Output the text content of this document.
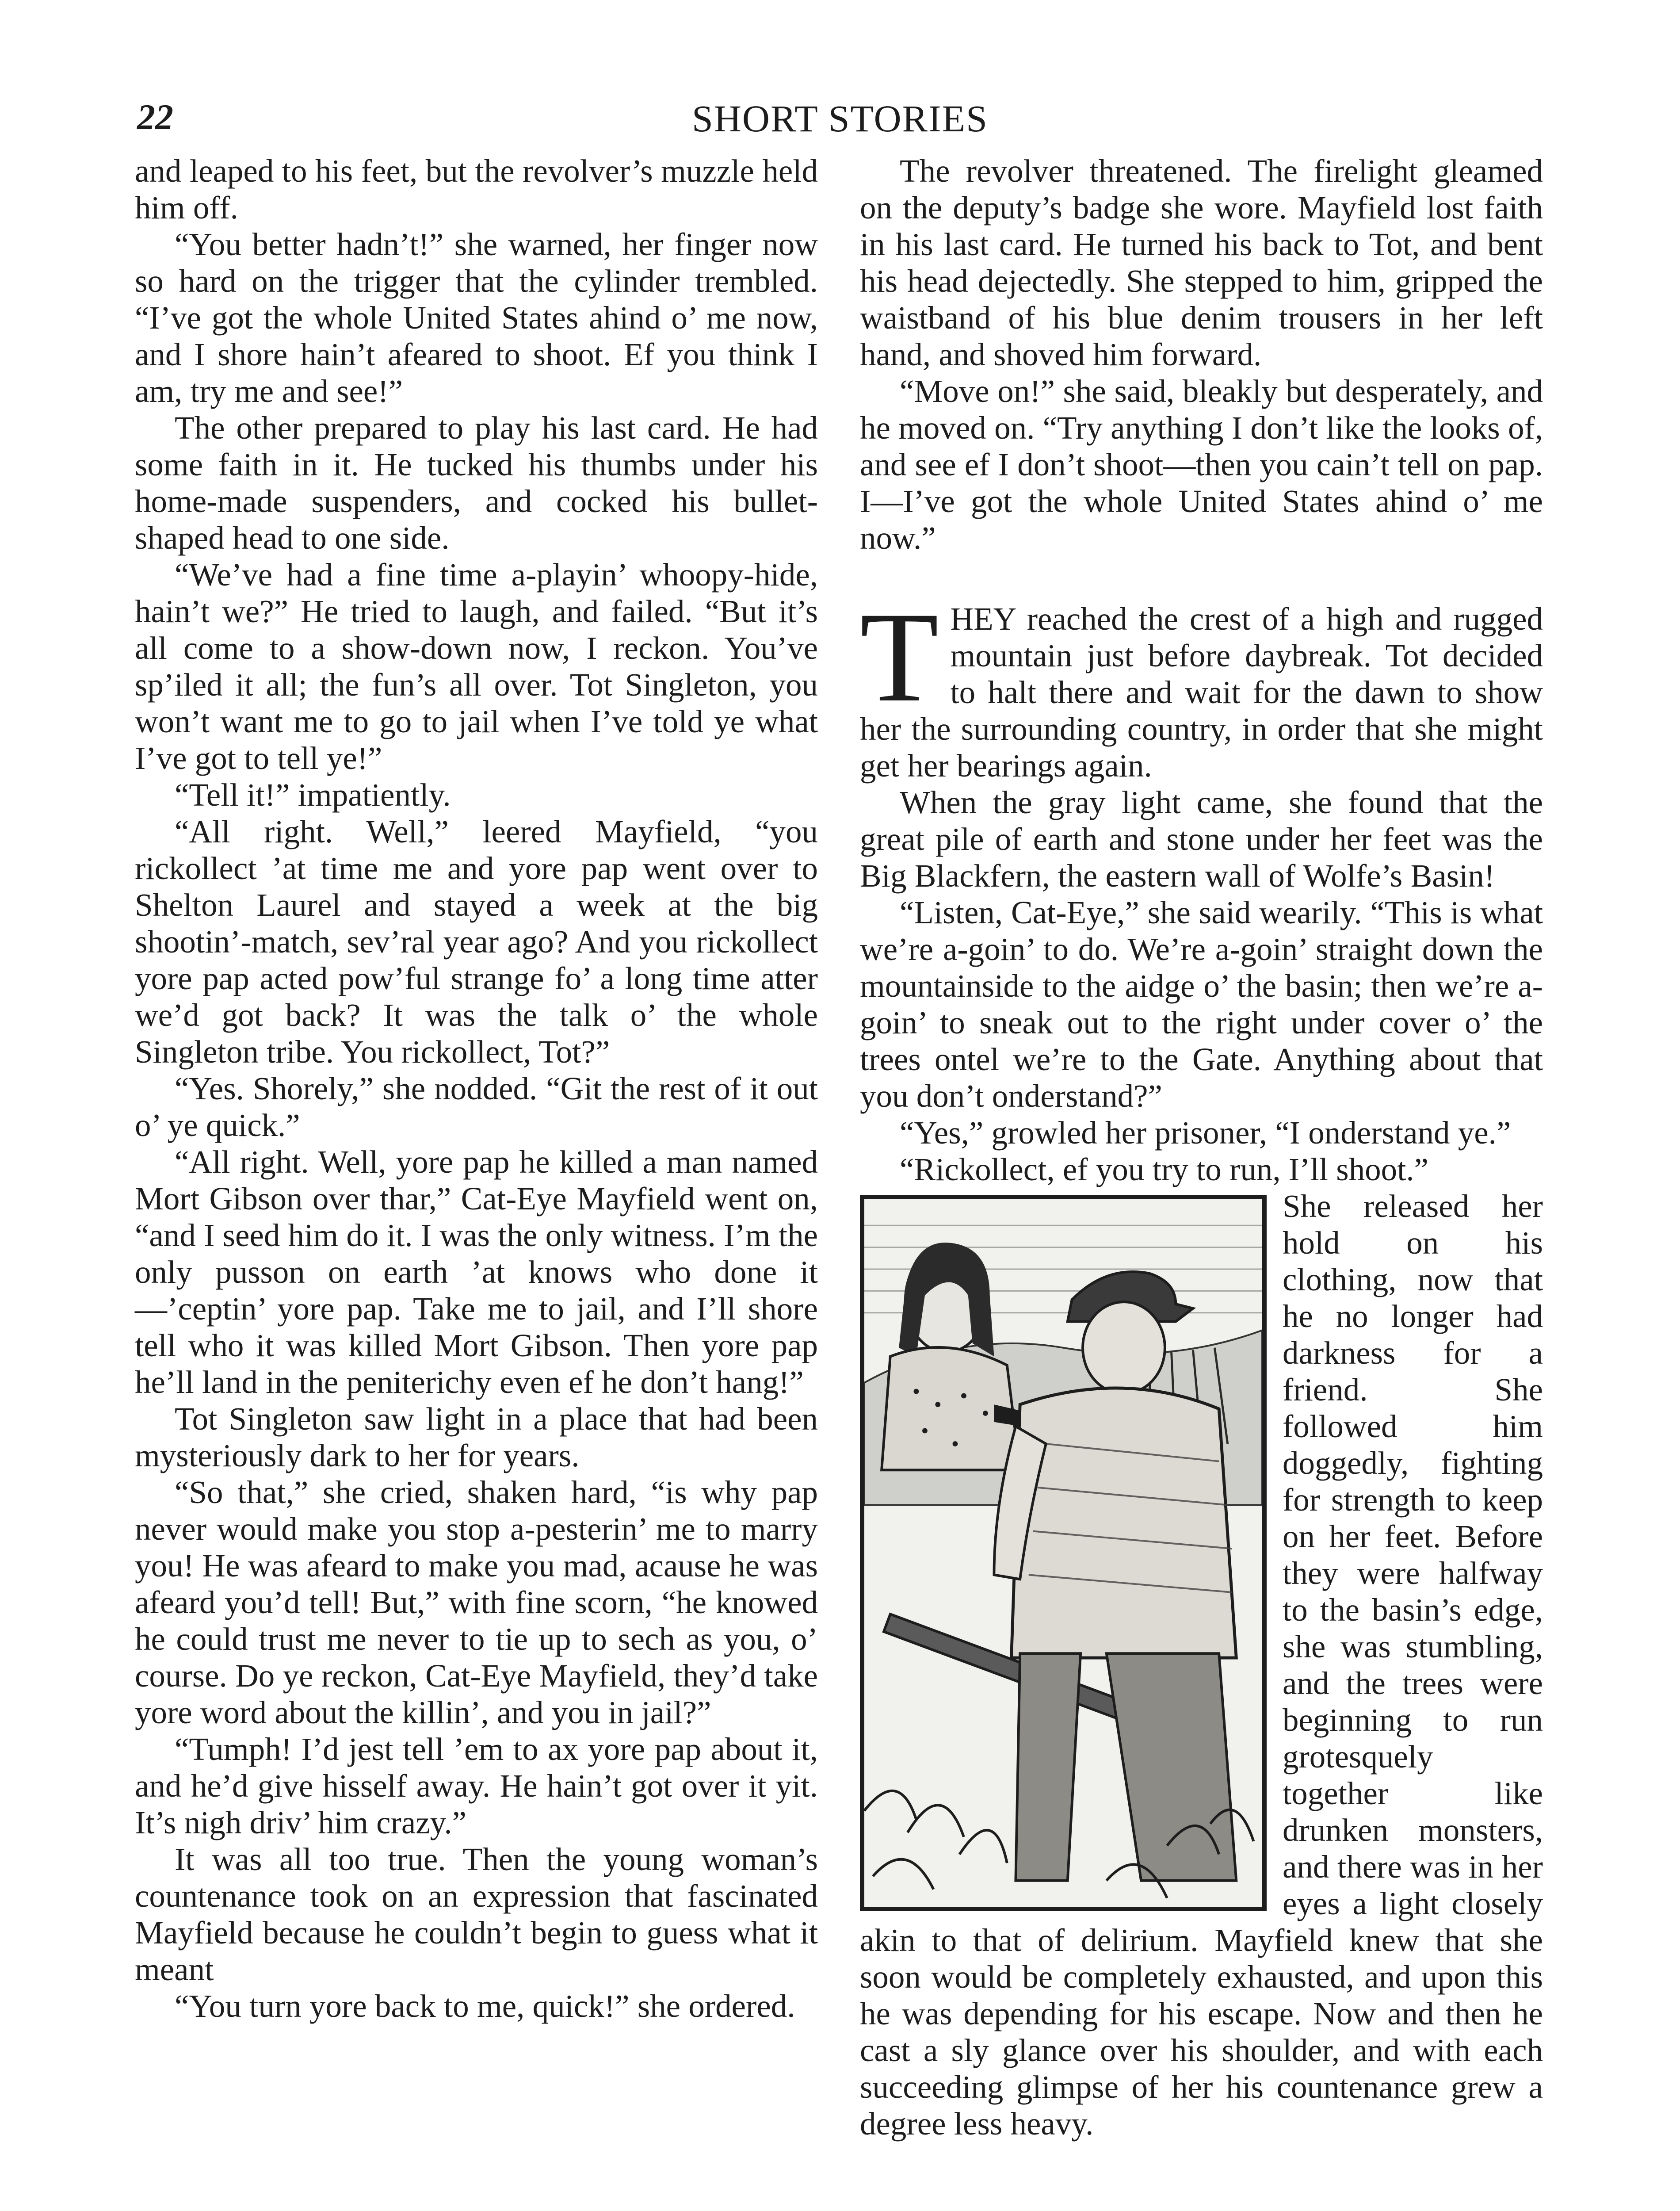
22	SHORT STORIES

and leaped to his feet, but the revolver’s muzzle held him off.

“You better hadn’t!” she warned, her finger now so hard on the trigger that the cylinder trembled. “I’ve got the whole United States ahind o’ me now, and I shore hain’t afeared to shoot. Ef you think I am, try me and see!”

The other prepared to play his last card. He had some faith in it. He tucked his thumbs under his home-made suspenders, and cocked his bullet-shaped head to one side.

“We’ve had a fine time a-playin’ whoopy-hide, hain’t we?” He tried to laugh, and failed. “But it’s all come to a show-down now, I reckon. You’ve sp’iled it all; the fun’s all over. Tot Singleton, you won’t want me to go to jail when I’ve told ye what I’ve got to tell ye!”

“Tell it!” impatiently.

“All right. Well,” leered Mayfield, “you rickollect ’at time me and yore pap went over to Shelton Laurel and stayed a week at the big shootin’-match, sev’ral year ago? And you rickollect yore pap acted pow’ful strange fo’ a long time atter we’d got back? It was the talk o’ the whole Singleton tribe. You rickollect, Tot?”

“Yes. Shorely,” she nodded. “Git the rest of it out o’ ye quick.”

“All right. Well, yore pap he killed a man named Mort Gibson over thar,” Cat-Eye Mayfield went on, “and I seed him do it. I was the only witness. I’m the only pusson on earth ’at knows who done it—’ceptin’ yore pap. Take me to jail, and I’ll shore tell who it was killed Mort Gibson. Then yore pap he’ll land in the peniterichy even ef he don’t hang!”

Tot Singleton saw light in a place that had been mysteriously dark to her for years.

“So that,” she cried, shaken hard, “is why pap never would make you stop a-pesterin’ me to marry you! He was afeard to make you mad, acause he was afeard you’d tell! But,” with fine scorn, “he knowed he could trust me never to tie up to sech as you, o’ course. Do ye reckon, Cat-Eye Mayfield, they’d take yore word about the killin’, and you in jail?”

“Tumph! I’d jest tell ’em to ax yore pap about it, and he’d give hisself away. He hain’t got over it yit. It’s nigh driv’ him crazy.”

It was all too true. Then the young woman’s countenance took on an expression that fascinated Mayfield because he couldn’t begin to guess what it meant

“You turn yore back to me, quick!” she ordered.

The revolver threatened. The firelight gleamed on the deputy’s badge she wore. Mayfield lost faith in his last card. He turned his back to Tot, and bent his head dejectedly. She stepped to him, gripped the waistband of his blue denim trousers in her left hand, and shoved him forward.

“Move on!” she said, bleakly but desperately, and he moved on. “Try anything I don’t like the looks of, and see ef I don’t shoot—then you cain’t tell on pap. I—I’ve got the whole United States ahind o’ me now.”

THEY reached the crest of a high and rugged mountain just before daybreak. Tot decided to halt there and wait for the dawn to show her the surrounding country, in order that she might get her bearings again.

When the gray light came, she found that the great pile of earth and stone under her feet was the Big Blackfern, the eastern wall of Wolfe’s Basin!

“Listen, Cat-Eye,” she said wearily. “This is what we’re a-goin’ to do. We’re a-goin’ straight down the mountainside to the aidge o’ the basin; then we’re a-goin’ to sneak out to the right under cover o’ the trees ontel we’re to the Gate. Anything about that you don’t onderstand?”

“Yes,” growled her prisoner, “I onderstand ye.”

“Rickollect, ef you try to run, I’ll shoot.”

She released her hold on his clothing, now that he no longer had darkness for a friend. She followed him doggedly, fighting for strength to keep on her feet. Before they were halfway to the basin’s edge, she was stumbling, and the trees were beginning to run grotesquely together like drunken monsters, and there was in her eyes a light closely akin to that of delirium. Mayfield knew that she soon would be completely exhausted, and upon this he was depending for his escape. Now and then he cast a sly glance over his shoulder, and with each succeeding glimpse of her his countenance grew a degree less heavy.
